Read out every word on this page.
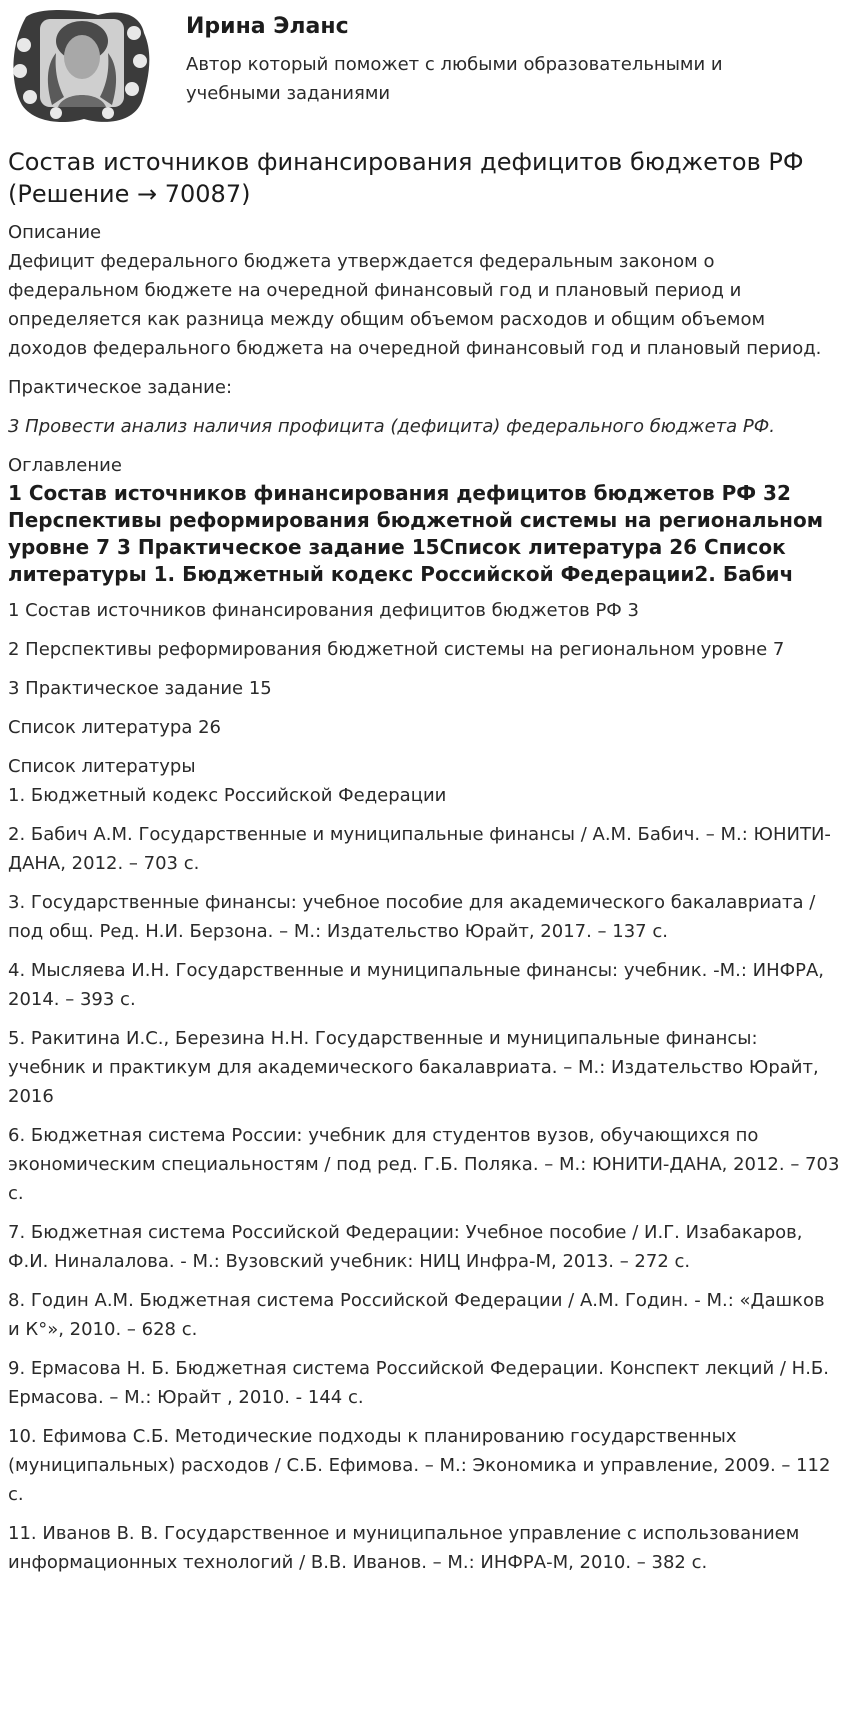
Ирина Эланс
Автор который поможет с любыми образовательными и учебными заданиями
Состав источников финансирования дефицитов бюджетов РФ (Решение → 70087)

Описание

Дефицит федерального бюджета утверждается федеральным законом о федеральном бюджете на очередной финансовый год и плановый период и определяется как разница между общим объемом расходов и общим объемом доходов федерального бюджета на очередной финансовый год и плановый период.

Практическое задание:

3 Провести анализ наличия профицита (дефицита) федерального бюджета РФ.

Оглавление

1 Состав источников финансирования дефицитов бюджетов РФ 32 Перспективы реформирования бюджетной системы на региональном уровне 7 3 Практическое задание 15Список литература 26 Список литературы 1. Бюджетный кодекс Российской Федерации2. Бабич

1 Состав источников финансирования дефицитов бюджетов РФ 3

2 Перспективы реформирования бюджетной системы на региональном уровне 7

3 Практическое задание 15

Список литература 26

Список литературы

1. Бюджетный кодекс Российской Федерации

2. Бабич А.М. Государственные и муниципальные финансы / А.М. Бабич. – М.: ЮНИТИ-ДАНА, 2012. – 703 с.

3. Государственные финансы: учебное пособие для академического бакалавриата / под общ. Ред. Н.И. Берзона. – М.: Издательство Юрайт, 2017. – 137 с.

4. Мысляева И.Н. Государственные и муниципальные финансы: учебник. -М.: ИНФРА, 2014. – 393 с.

5. Ракитина И.С., Березина Н.Н. Государственные и муниципальные финансы: учебник и практикум для академического бакалавриата. – М.: Издательство Юрайт, 2016

6. Бюджетная система России: учебник для студентов вузов, обучающихся по экономическим специальностям / под ред. Г.Б. Поляка. – М.: ЮНИТИ-ДАНА, 2012. – 703 с.

7. Бюджетная система Российской Федерации: Учебное пособие / И.Г. Изабакаров, Ф.И. Ниналалова. - М.: Вузовский учебник: НИЦ Инфра-М, 2013. – 272 с.

8. Годин А.М. Бюджетная система Российской Федерации / А.М. Годин. - М.: «Дашков и К°», 2010. – 628 с.

9. Ермасова Н. Б. Бюджетная система Российской Федерации. Конспект лекций / Н.Б. Ермасова. – М.: Юрайт , 2010. - 144 с.

10. Ефимова С.Б. Методические подходы к планированию государственных (муниципальных) расходов / С.Б. Ефимова. – М.: Экономика и управление, 2009. – 112 с.

11. Иванов В. В. Государственное и муниципальное управление с использованием информационных технологий / В.В. Иванов. – М.: ИНФРА-М, 2010. – 382 с.
